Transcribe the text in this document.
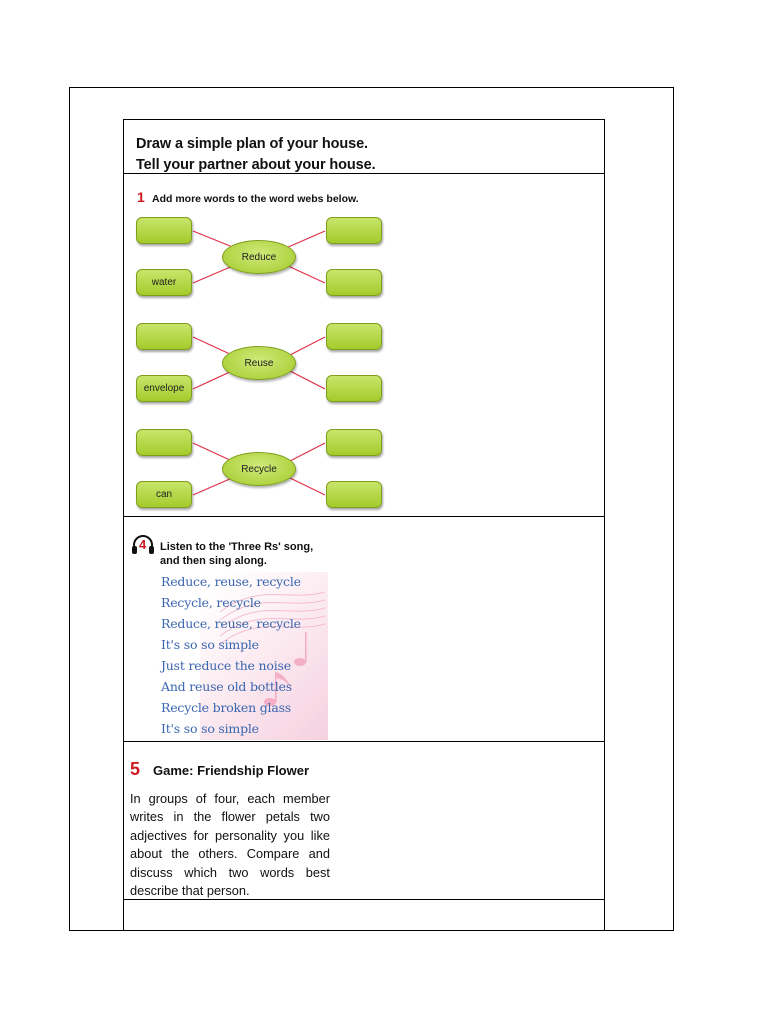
Draw a simple plan of your house.
Tell your partner about your house.
1 Add more words to the word webs below.
water
Reduce
envelope
Reuse
can
Recycle
4 Listen to the 'Three Rs' song,
and then sing along.
Reduce, reuse, recycle
Recycle, recycle
Reduce, reuse, recycle
It's so so simple
Just reduce the noise
And reuse old bottles
Recycle broken glass
It's so so simple
5 Game: Friendship Flower
In groups of four, each member writes in the flower petals two adjectives for personality you like about the others. Compare and discuss which two words best describe that person.
